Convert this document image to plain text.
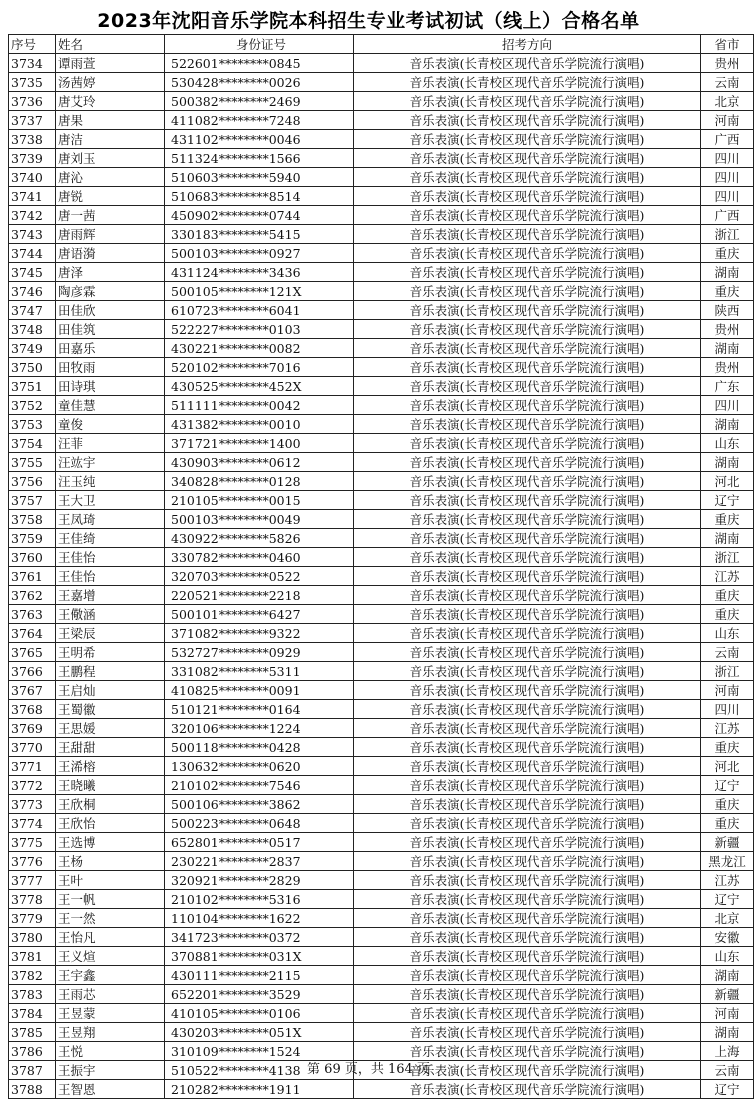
2023年沈阳音乐学院本科招生专业考试初试（线上）合格名单
序号	姓名	身份证号	招考方向	省市
3734	谭雨萱	522601********0845	音乐表演(长青校区现代音乐学院流行演唱)	贵州
3735	汤茜婷	530428********0026	音乐表演(长青校区现代音乐学院流行演唱)	云南
3736	唐艾玲	500382********2469	音乐表演(长青校区现代音乐学院流行演唱)	北京
3737	唐果	411082********7248	音乐表演(长青校区现代音乐学院流行演唱)	河南
3738	唐洁	431102********0046	音乐表演(长青校区现代音乐学院流行演唱)	广西
3739	唐刘玉	511324********1566	音乐表演(长青校区现代音乐学院流行演唱)	四川
3740	唐沁	510603********5940	音乐表演(长青校区现代音乐学院流行演唱)	四川
3741	唐锐	510683********8514	音乐表演(长青校区现代音乐学院流行演唱)	四川
3742	唐一茜	450902********0744	音乐表演(长青校区现代音乐学院流行演唱)	广西
3743	唐雨辉	330183********5415	音乐表演(长青校区现代音乐学院流行演唱)	浙江
3744	唐语漪	500103********0927	音乐表演(长青校区现代音乐学院流行演唱)	重庆
3745	唐泽	431124********3436	音乐表演(长青校区现代音乐学院流行演唱)	湖南
3746	陶彦霖	500105********121X	音乐表演(长青校区现代音乐学院流行演唱)	重庆
3747	田佳欣	610723********6041	音乐表演(长青校区现代音乐学院流行演唱)	陕西
3748	田佳筑	522227********0103	音乐表演(长青校区现代音乐学院流行演唱)	贵州
3749	田嘉乐	430221********0082	音乐表演(长青校区现代音乐学院流行演唱)	湖南
3750	田牧雨	520102********7016	音乐表演(长青校区现代音乐学院流行演唱)	贵州
3751	田诗琪	430525********452X	音乐表演(长青校区现代音乐学院流行演唱)	广东
3752	童佳慧	511111********0042	音乐表演(长青校区现代音乐学院流行演唱)	四川
3753	童俊	431382********0010	音乐表演(长青校区现代音乐学院流行演唱)	湖南
3754	汪菲	371721********1400	音乐表演(长青校区现代音乐学院流行演唱)	山东
3755	汪竑宇	430903********0612	音乐表演(长青校区现代音乐学院流行演唱)	湖南
3756	汪玉纯	340828********0128	音乐表演(长青校区现代音乐学院流行演唱)	河北
3757	王大卫	210105********0015	音乐表演(长青校区现代音乐学院流行演唱)	辽宁
3758	王凤琦	500103********0049	音乐表演(长青校区现代音乐学院流行演唱)	重庆
3759	王佳绮	430922********5826	音乐表演(长青校区现代音乐学院流行演唱)	湖南
3760	王佳怡	330782********0460	音乐表演(长青校区现代音乐学院流行演唱)	浙江
3761	王佳怡	320703********0522	音乐表演(长青校区现代音乐学院流行演唱)	江苏
3762	王嘉增	220521********2218	音乐表演(长青校区现代音乐学院流行演唱)	重庆
3763	王儆涵	500101********6427	音乐表演(长青校区现代音乐学院流行演唱)	重庆
3764	王梁辰	371082********9322	音乐表演(长青校区现代音乐学院流行演唱)	山东
3765	王明希	532727********0929	音乐表演(长青校区现代音乐学院流行演唱)	云南
3766	王鹏程	331082********5311	音乐表演(长青校区现代音乐学院流行演唱)	浙江
3767	王启灿	410825********0091	音乐表演(长青校区现代音乐学院流行演唱)	河南
3768	王蜀徽	510121********0164	音乐表演(长青校区现代音乐学院流行演唱)	四川
3769	王思媛	320106********1224	音乐表演(长青校区现代音乐学院流行演唱)	江苏
3770	王甜甜	500118********0428	音乐表演(长青校区现代音乐学院流行演唱)	重庆
3771	王浠榕	130632********0620	音乐表演(长青校区现代音乐学院流行演唱)	河北
3772	王晓曦	210102********7546	音乐表演(长青校区现代音乐学院流行演唱)	辽宁
3773	王欣桐	500106********3862	音乐表演(长青校区现代音乐学院流行演唱)	重庆
3774	王欣怡	500223********0648	音乐表演(长青校区现代音乐学院流行演唱)	重庆
3775	王选博	652801********0517	音乐表演(长青校区现代音乐学院流行演唱)	新疆
3776	王杨	230221********2837	音乐表演(长青校区现代音乐学院流行演唱)	黑龙江
3777	王叶	320921********2829	音乐表演(长青校区现代音乐学院流行演唱)	江苏
3778	王一帆	210102********5316	音乐表演(长青校区现代音乐学院流行演唱)	辽宁
3779	王一然	110104********1622	音乐表演(长青校区现代音乐学院流行演唱)	北京
3780	王怡凡	341723********0372	音乐表演(长青校区现代音乐学院流行演唱)	安徽
3781	王义煊	370881********031X	音乐表演(长青校区现代音乐学院流行演唱)	山东
3782	王宇鑫	430111********2115	音乐表演(长青校区现代音乐学院流行演唱)	湖南
3783	王雨芯	652201********3529	音乐表演(长青校区现代音乐学院流行演唱)	新疆
3784	王昱蒙	410105********0106	音乐表演(长青校区现代音乐学院流行演唱)	河南
3785	王昱翔	430203********051X	音乐表演(长青校区现代音乐学院流行演唱)	湖南
3786	王悦	310109********1524	音乐表演(长青校区现代音乐学院流行演唱)	上海
3787	王振宇	510522********4138	音乐表演(长青校区现代音乐学院流行演唱)	云南
3788	王智恩	210282********1911	音乐表演(长青校区现代音乐学院流行演唱)	辽宁
第 69 页，共 164 页
